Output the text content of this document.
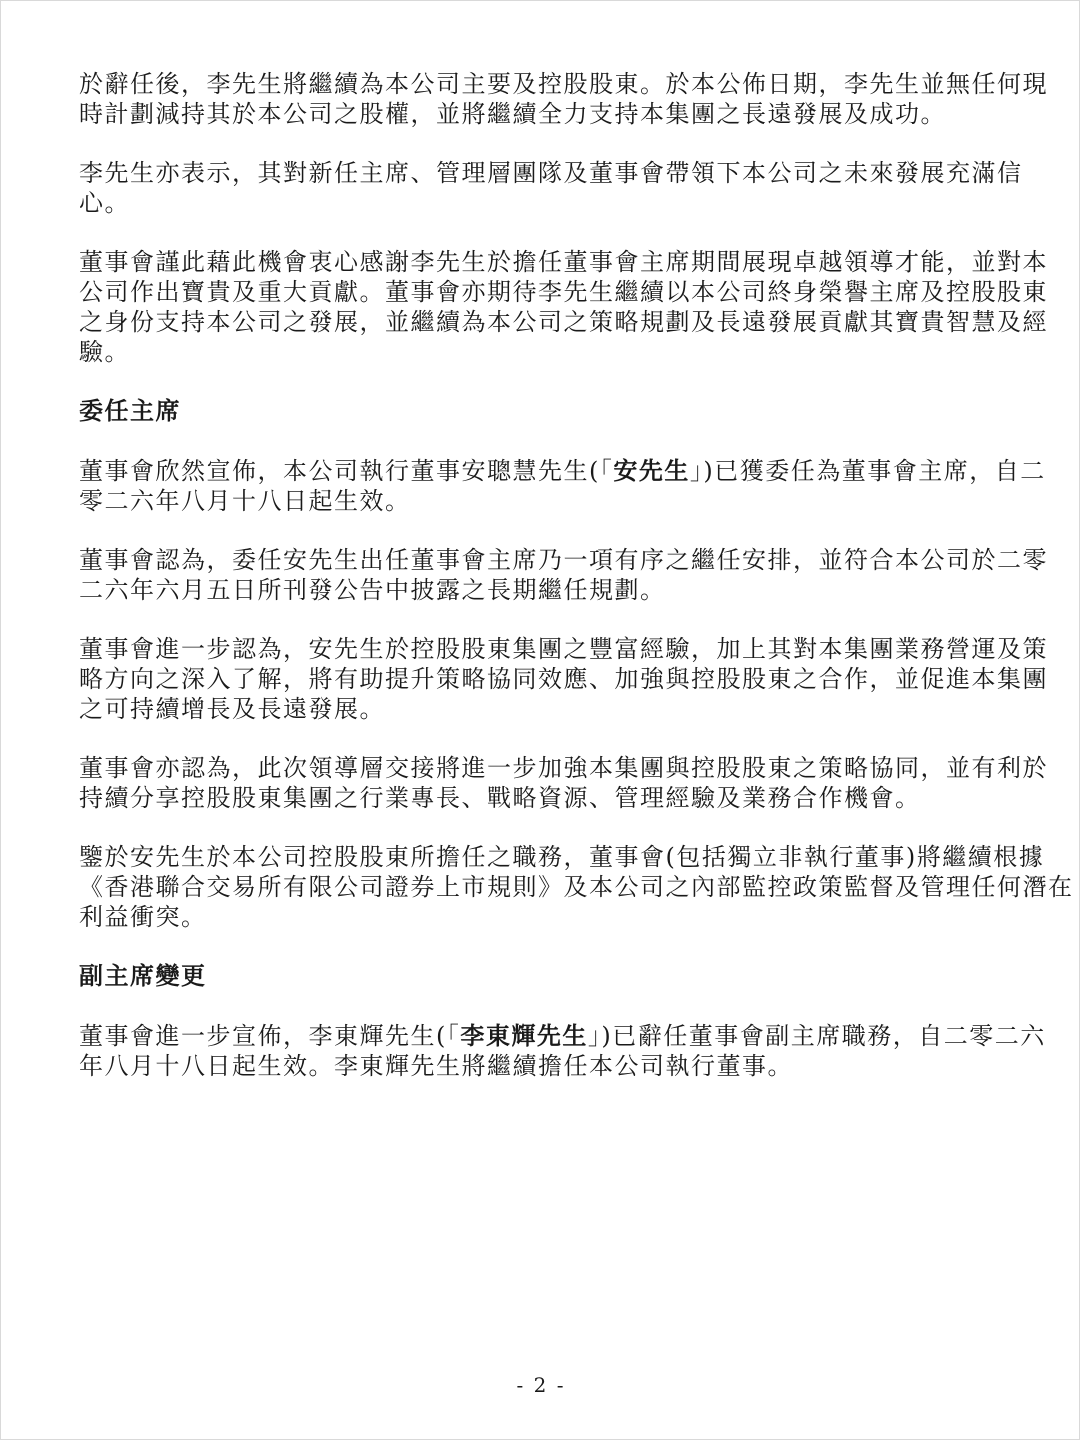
於辭任後，李先生將繼續為本公司主要及控股股東。於本公佈日期，李先生並無任何現
時計劃減持其於本公司之股權，並將繼續全力支持本集團之長遠發展及成功。

李先生亦表示，其對新任主席、管理層團隊及董事會帶領下本公司之未來發展充滿信
心。

董事會謹此藉此機會衷心感謝李先生於擔任董事會主席期間展現卓越領導才能，並對本
公司作出寶貴及重大貢獻。董事會亦期待李先生繼續以本公司終身榮譽主席及控股股東
之身份支持本公司之發展，並繼續為本公司之策略規劃及長遠發展貢獻其寶貴智慧及經
驗。

委任主席

董事會欣然宣佈，本公司執行董事安聰慧先生(「安先生」)已獲委任為董事會主席，自二
零二六年八月十八日起生效。

董事會認為，委任安先生出任董事會主席乃一項有序之繼任安排，並符合本公司於二零
二六年六月五日所刊發公告中披露之長期繼任規劃。

董事會進一步認為，安先生於控股股東集團之豐富經驗，加上其對本集團業務營運及策
略方向之深入了解，將有助提升策略協同效應、加強與控股股東之合作，並促進本集團
之可持續增長及長遠發展。

董事會亦認為，此次領導層交接將進一步加強本集團與控股股東之策略協同，並有利於
持續分享控股股東集團之行業專長、戰略資源、管理經驗及業務合作機會。

鑒於安先生於本公司控股股東所擔任之職務，董事會(包括獨立非執行董事)將繼續根據
《香港聯合交易所有限公司證券上市規則》及本公司之內部監控政策監督及管理任何潛在
利益衝突。

副主席變更

董事會進一步宣佈，李東輝先生(「李東輝先生」)已辭任董事會副主席職務，自二零二六
年八月十八日起生效。李東輝先生將繼續擔任本公司執行董事。

- 2 -
